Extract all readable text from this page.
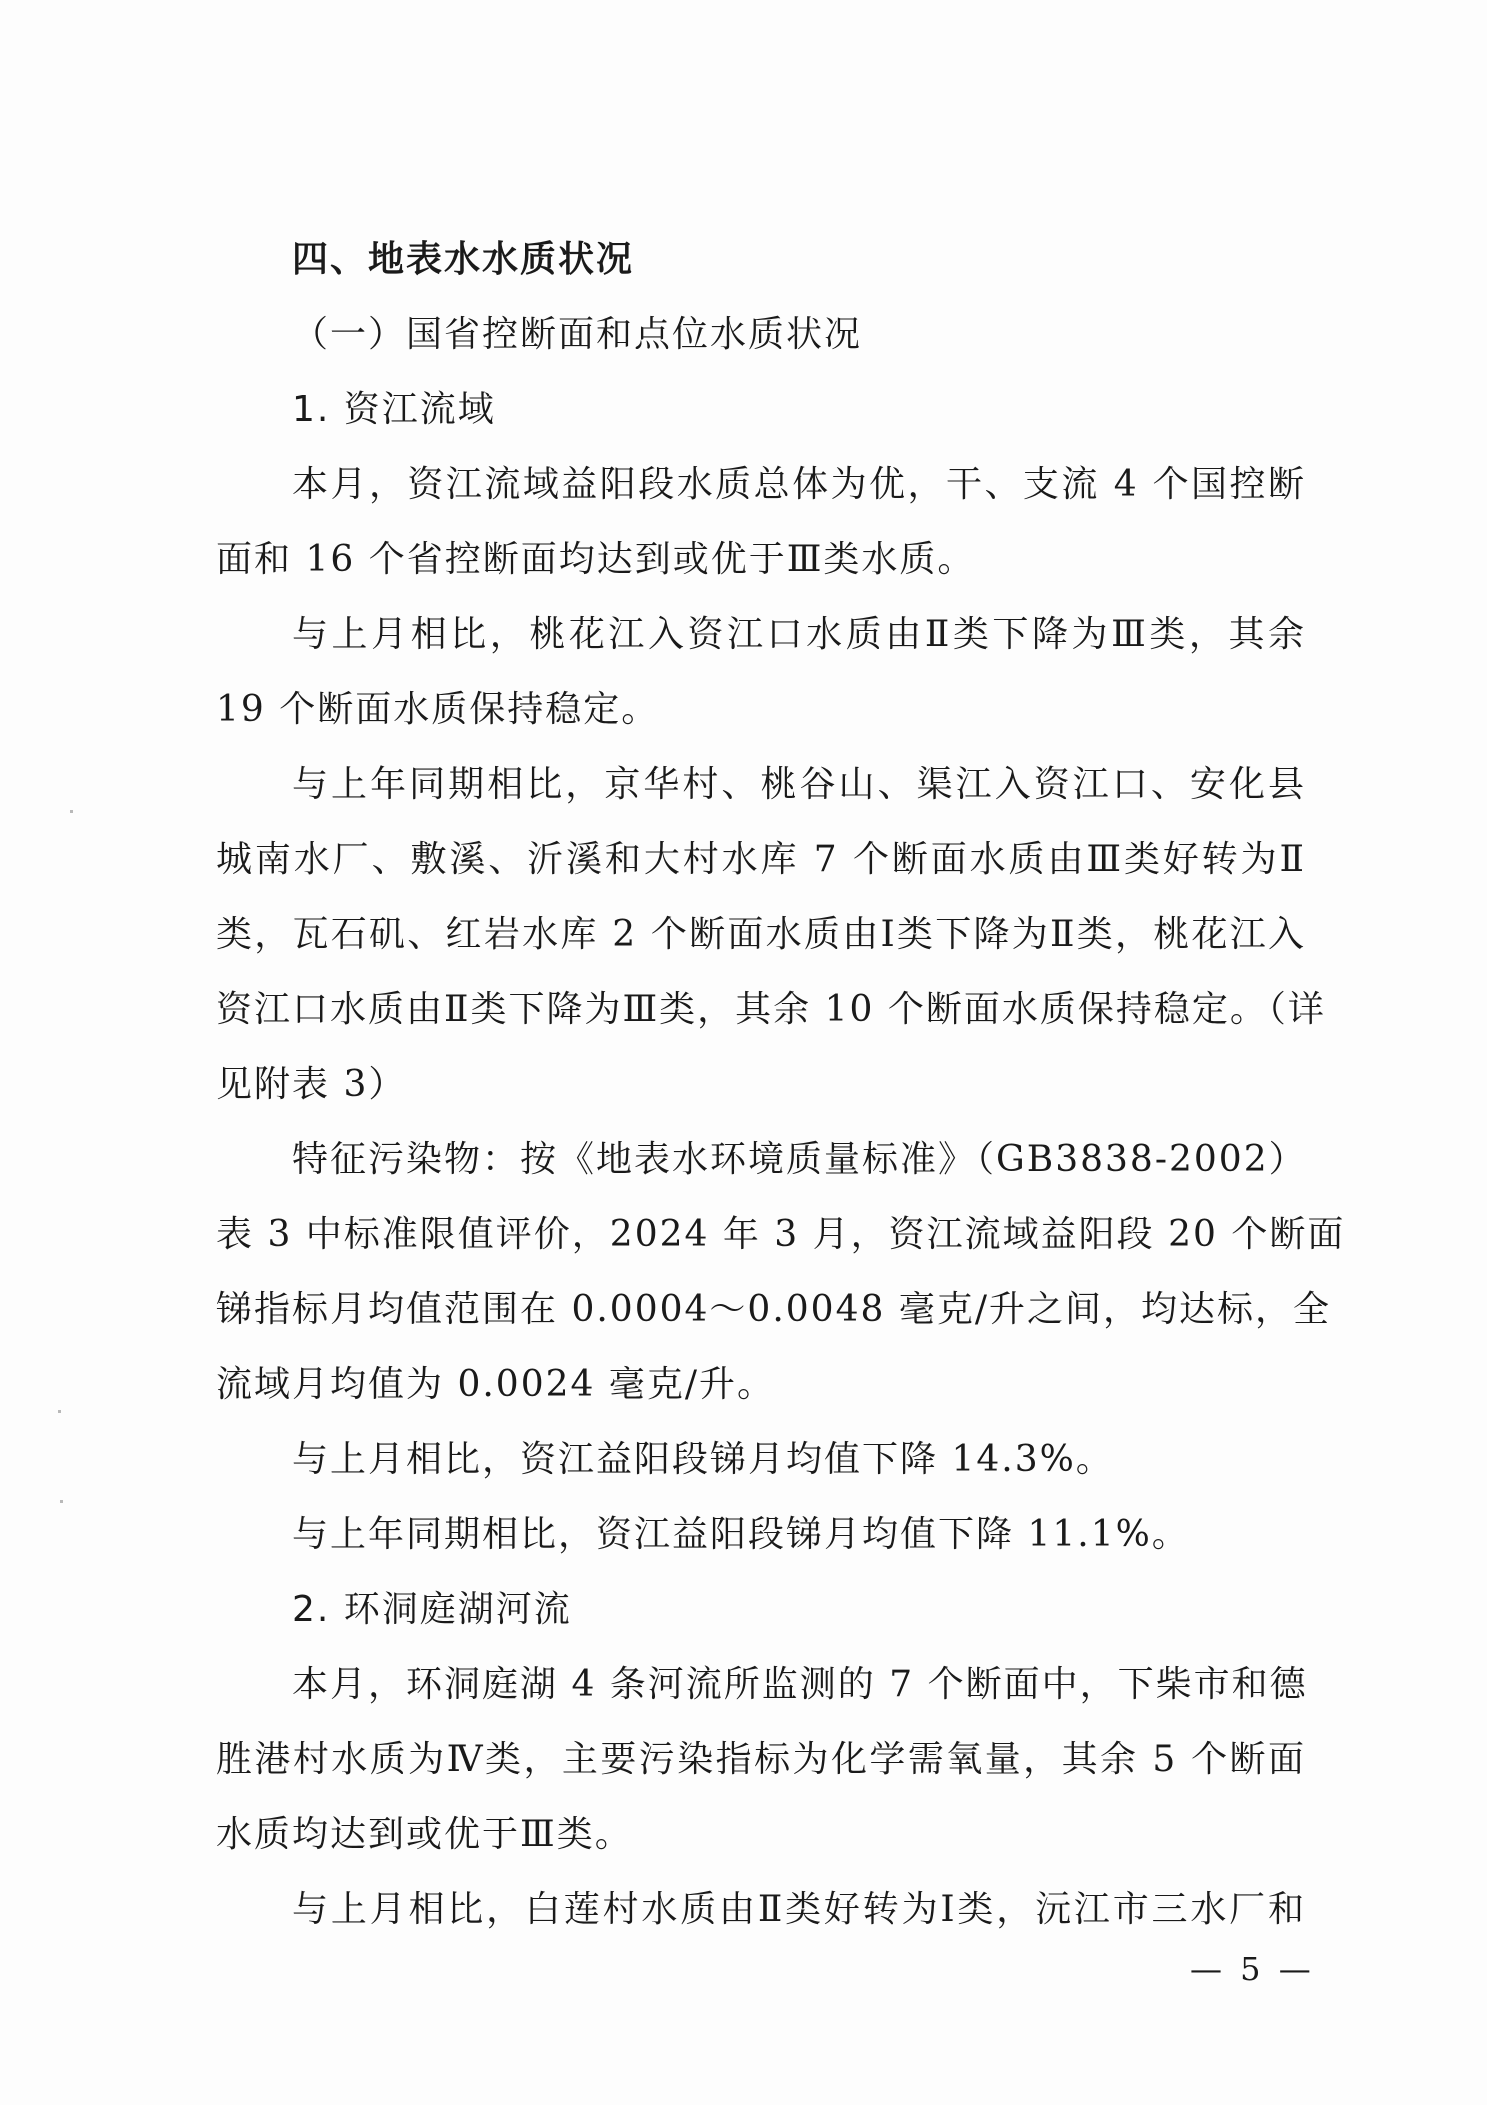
四、地表水水质状况
（一）国省控断面和点位水质状况
1. 资江流域
本月，资江流域益阳段水质总体为优，干、支流 4 个国控断
面和 16 个省控断面均达到或优于Ⅲ类水质。
与上月相比，桃花江入资江口水质由Ⅱ类下降为Ⅲ类，其余
19 个断面水质保持稳定。
与上年同期相比，京华村、桃谷山、渠江入资江口、安化县
城南水厂、敷溪、沂溪和大村水库 7 个断面水质由Ⅲ类好转为Ⅱ
类，瓦石矶、红岩水库 2 个断面水质由Ⅰ类下降为Ⅱ类，桃花江入
资江口水质由Ⅱ类下降为Ⅲ类，其余 10 个断面水质保持稳定。（详
见附表 3）
特征污染物：按《地表水环境质量标准》（GB3838-2002）
表 3 中标准限值评价，2024 年 3 月，资江流域益阳段 20 个断面
锑指标月均值范围在 0.0004～0.0048 毫克/升之间，均达标，全
流域月均值为 0.0024 毫克/升。
与上月相比，资江益阳段锑月均值下降 14.3%。
与上年同期相比，资江益阳段锑月均值下降 11.1%。
2. 环洞庭湖河流
本月，环洞庭湖 4 条河流所监测的 7 个断面中，下柴市和德
胜港村水质为Ⅳ类，主要污染指标为化学需氧量，其余 5 个断面
水质均达到或优于Ⅲ类。
与上月相比，白莲村水质由Ⅱ类好转为Ⅰ类，沅江市三水厂和
— 5 —
